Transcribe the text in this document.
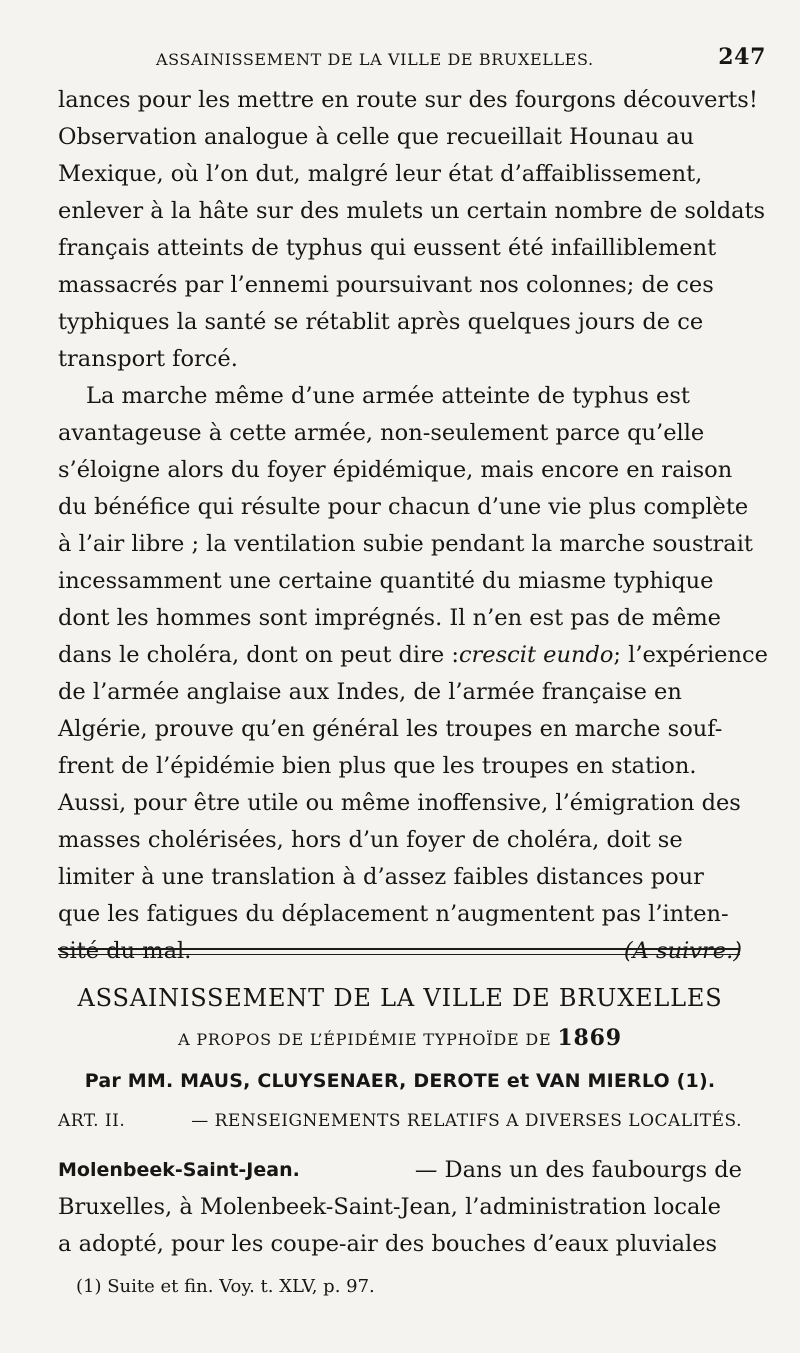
ASSAINISSEMENT DE LA VILLE DE BRUXELLES.	247
lances pour les mettre en route sur des fourgons découverts!
Observation analogue à celle que recueillait Hounau au
Mexique, où l’on dut, malgré leur état d’affaiblissement,
enlever à la hâte sur des mulets un certain nombre de soldats
français atteints de typhus qui eussent été infailliblement
massacrés par l’ennemi poursuivant nos colonnes; de ces
typhiques la santé se rétablit après quelques jours de ce
transport forcé.
La marche même d’une armée atteinte de typhus est
avantageuse à cette armée, non-seulement parce qu’elle
s’éloigne alors du foyer épidémique, mais encore en raison
du bénéfice qui résulte pour chacun d’une vie plus complète
à l’air libre ; la ventilation subie pendant la marche soustrait
incessamment une certaine quantité du miasme typhique
dont les hommes sont imprégnés. Il n’en est pas de même
dans le choléra, dont on peut dire : crescit eundo ; l’expérience
de l’armée anglaise aux Indes, de l’armée française en
Algérie, prouve qu’en général les troupes en marche souf-
frent de l’épidémie bien plus que les troupes en station.
Aussi, pour être utile ou même inoffensive, l’émigration des
masses cholérisées, hors d’un foyer de choléra, doit se
limiter à une translation à d’assez faibles distances pour
que les fatigues du déplacement n’augmentent pas l’inten-
sité du mal.	(A suivre.)
ASSAINISSEMENT DE LA VILLE DE BRUXELLES
A PROPOS DE L’ÉPIDÉMIE TYPHOÏDE DE 1869
Par MM. MAUS, CLUYSENAER, DEROTE et VAN MIERLO (1).
ART. II.	— RENSEIGNEMENTS RELATIFS A DIVERSES LOCALITÉS.
Molenbeek-Saint-Jean.	— Dans un des faubourgs de
Bruxelles, à Molenbeek-Saint-Jean, l’administration locale
a adopté, pour les coupe-air des bouches d’eaux pluviales
(1) Suite et fin. Voy. t. XLV, p. 97.
